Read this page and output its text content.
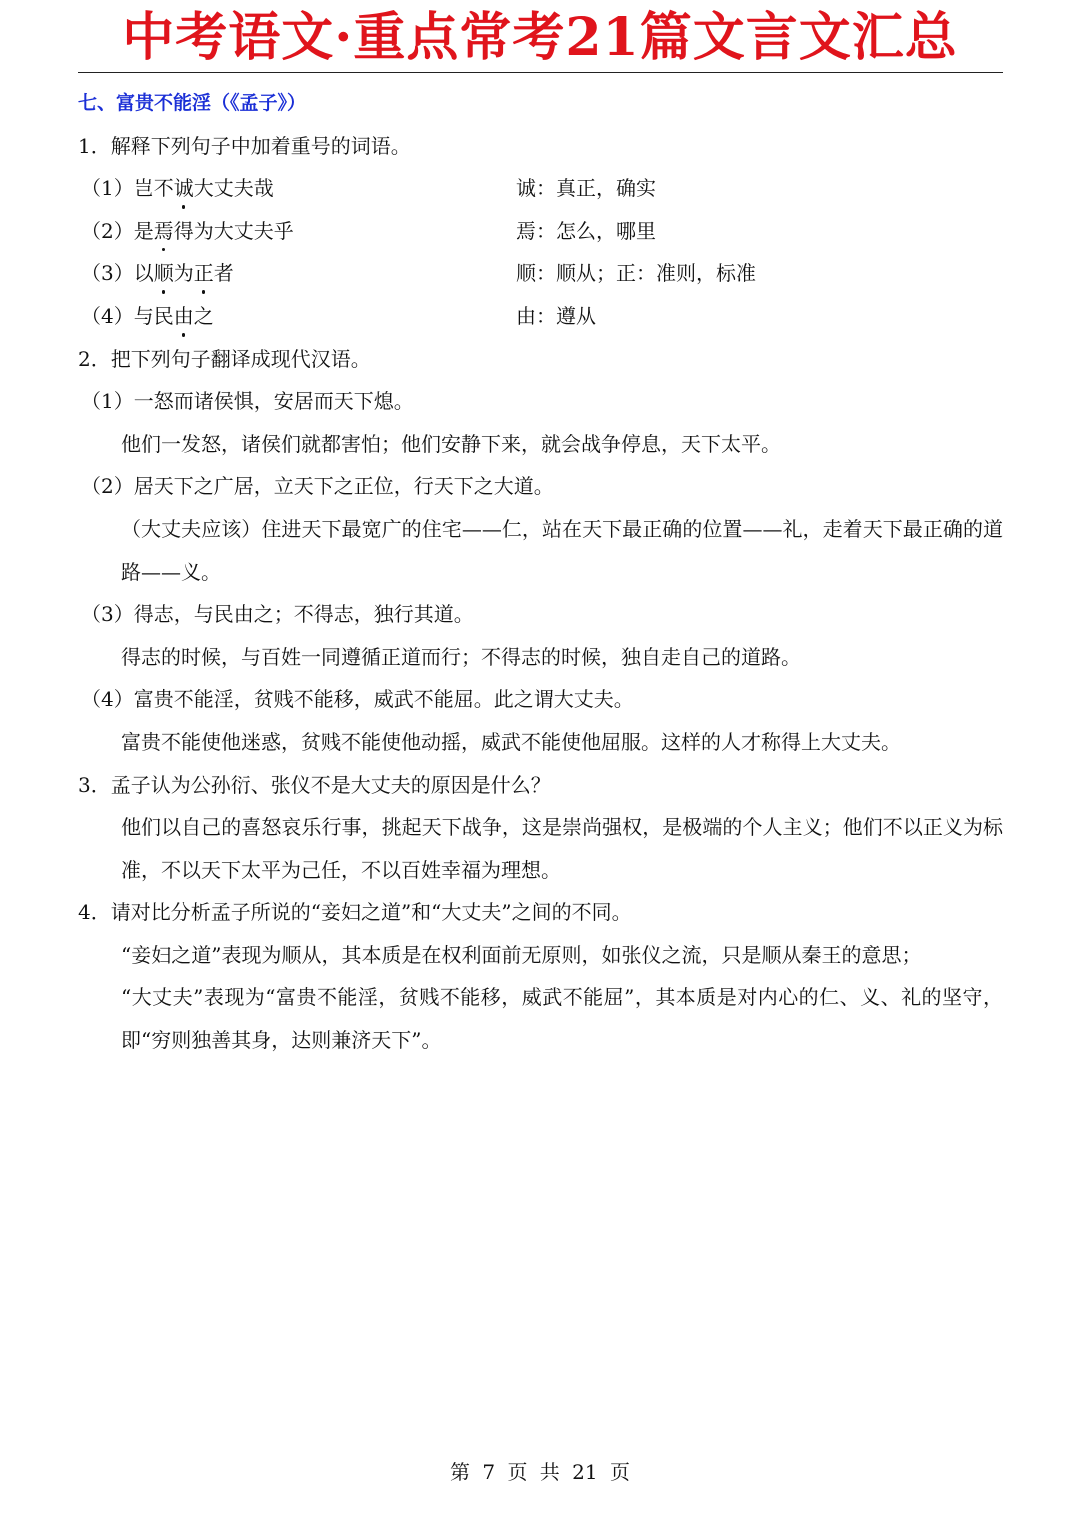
中考语文·重点常考21篇文言文汇总
七、富贵不能淫（《孟子》）
1．解释下列句子中加着重号的词语。
（1）岂不诚大丈夫哉	诚：真正，确实
（2）是焉得为大丈夫乎	焉：怎么，哪里
（3）以顺为正者	顺：顺从；正：准则，标准
（4）与民由之	由：遵从
2．把下列句子翻译成现代汉语。
（1）一怒而诸侯惧，安居而天下熄。
他们一发怒，诸侯们就都害怕；他们安静下来，就会战争停息，天下太平。
（2）居天下之广居，立天下之正位，行天下之大道。
（大丈夫应该）住进天下最宽广的住宅——仁，站在天下最正确的位置——礼，走着天下最正确的道路——义。
（3）得志，与民由之；不得志，独行其道。
得志的时候，与百姓一同遵循正道而行；不得志的时候，独自走自己的道路。
（4）富贵不能淫，贫贱不能移，威武不能屈。此之谓大丈夫。
富贵不能使他迷惑，贫贱不能使他动摇，威武不能使他屈服。这样的人才称得上大丈夫。
3．孟子认为公孙衍、张仪不是大丈夫的原因是什么？
他们以自己的喜怒哀乐行事，挑起天下战争，这是崇尚强权，是极端的个人主义；他们不以正义为标准，不以天下太平为己任，不以百姓幸福为理想。
4．请对比分析孟子所说的“妾妇之道”和“大丈夫”之间的不同。
“妾妇之道”表现为顺从，其本质是在权利面前无原则，如张仪之流，只是顺从秦王的意思；
“大丈夫”表现为“富贵不能淫，贫贱不能移，威武不能屈”，其本质是对内心的仁、义、礼的坚守，即“穷则独善其身，达则兼济天下”。
第 7 页 共 21 页
